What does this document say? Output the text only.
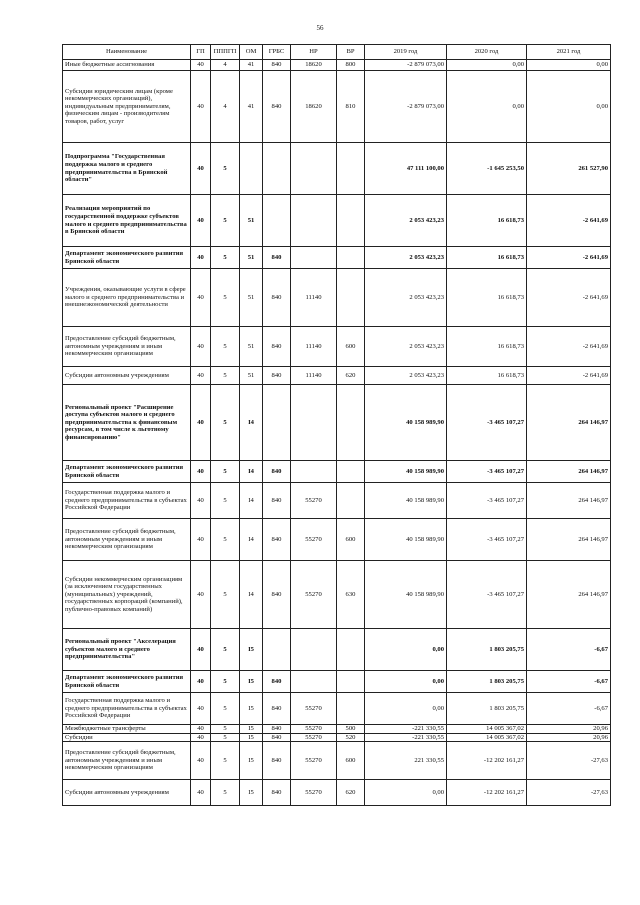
56
Наименование	ГП	ПППГП	ОМ	ГРБС	НР	ВР	2019 год	2020 год	2021 год
Иные бюджетные ассигнования	40	4	41	840	18620	800	-2 879 073,00	0,00	0,00
Субсидии юридическим лицам (кроме некоммерческих организаций), индивидуальным предпринимателям, физическим лицам - производителям товаров, работ, услуг	40	4	41	840	18620	810	-2 879 073,00	0,00	0,00
Подпрограмма "Государственная поддержка малого и среднего предпринимательства в Брянской области"	40	5					47 111 100,00	-1 645 253,50	261 527,90
Реализация мероприятий по государственной поддержке субъектов малого и среднего предпринимательства в Брянской области	40	5	51				2 053 423,23	16 618,73	-2 641,69
Департамент экономического развития Брянской области	40	5	51	840			2 053 423,23	16 618,73	-2 641,69
Учреждения, оказывающие услуги в сфере малого и среднего предпринимательства и внешнеэкономической деятельности	40	5	51	840	11140		2 053 423,23	16 618,73	-2 641,69
Предоставление субсидий бюджетным, автономным учреждениям и иным некоммерческим организациям	40	5	51	840	11140	600	2 053 423,23	16 618,73	-2 641,69
Субсидии автономным учреждениям	40	5	51	840	11140	620	2 053 423,23	16 618,73	-2 641,69
Региональный проект "Расширение доступа субъектов малого и среднего предпринимательства к финансовым ресурсам, в том числе к льготному финансированию"	40	5	I4				40 158 989,90	-3 465 107,27	264 146,97
Департамент экономического развития Брянской области	40	5	I4	840			40 158 989,90	-3 465 107,27	264 146,97
Государственная поддержка малого и среднего предпринимательства в субъектах Российской Федерации	40	5	I4	840	55270		40 158 989,90	-3 465 107,27	264 146,97
Предоставление субсидий бюджетным, автономным учреждениям и иным некоммерческим организациям	40	5	I4	840	55270	600	40 158 989,90	-3 465 107,27	264 146,97
Субсидии некоммерческим организациям (за исключением государственных (муниципальных) учреждений, государственных корпораций (компаний), публично-правовых компаний)	40	5	I4	840	55270	630	40 158 989,90	-3 465 107,27	264 146,97
Региональный проект "Акселерация субъектов малого и среднего предпринимательства"	40	5	I5				0,00	1 803 205,75	-6,67
Департамент экономического развития Брянской области	40	5	I5	840			0,00	1 803 205,75	-6,67
Государственная поддержка малого и среднего предпринимательства в субъектах Российской Федерации	40	5	I5	840	55270		0,00	1 803 205,75	-6,67
Межбюджетные трансферты	40	5	I5	840	55270	500	-221 330,55	14 005 367,02	20,96
Субсидии	40	5	I5	840	55270	520	-221 330,55	14 005 367,02	20,96
Предоставление субсидий бюджетным, автономным учреждениям и иным некоммерческим организациям	40	5	I5	840	55270	600	221 330,55	-12 202 161,27	-27,63
Субсидии автономным учреждениям	40	5	I5	840	55270	620	0,00	-12 202 161,27	-27,63
